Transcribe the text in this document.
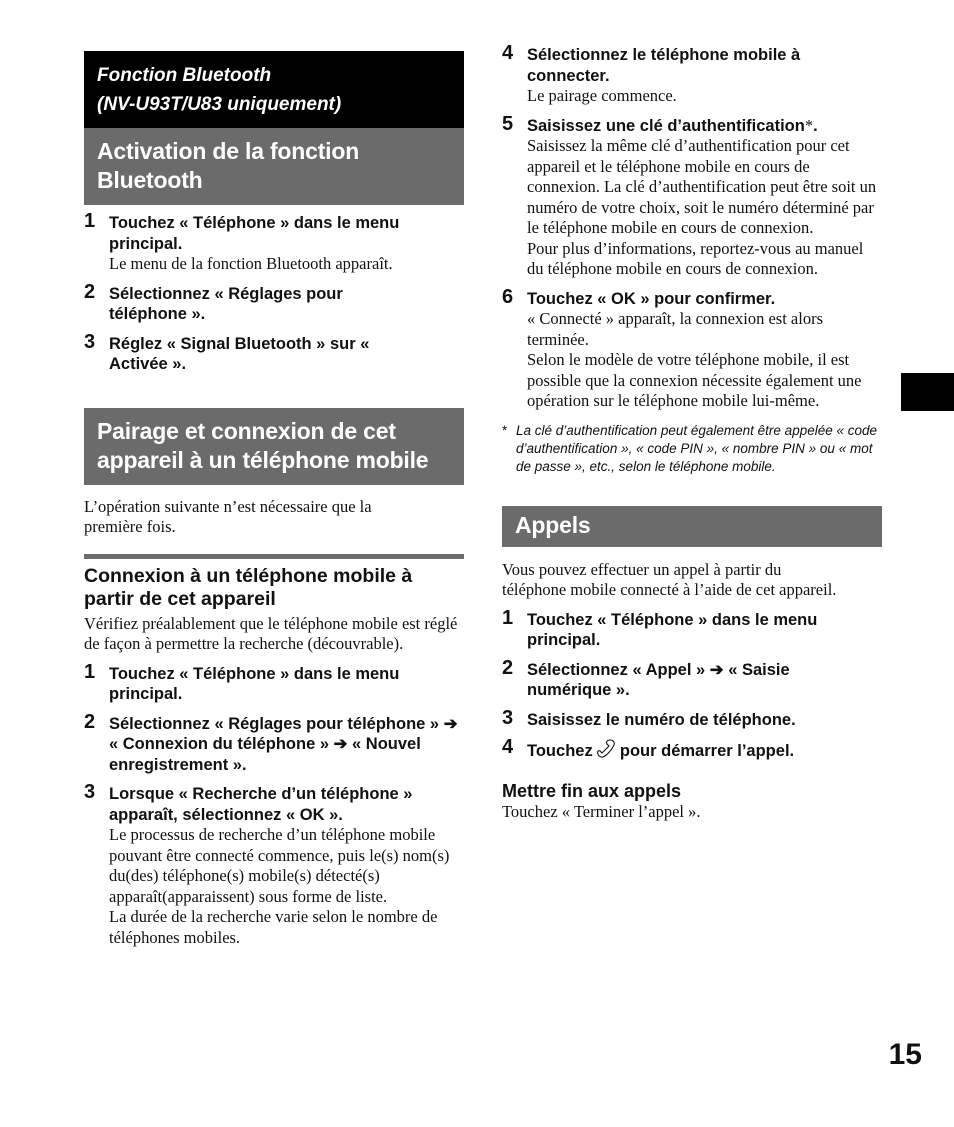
Fonction Bluetooth
(NV-U93T/U83 uniquement)
Activation de la fonction
Bluetooth
1 Touchez « Téléphone » dans le menu principal.
Le menu de la fonction Bluetooth apparaît.
2 Sélectionnez « Réglages pour téléphone ».
3 Réglez « Signal Bluetooth » sur « Activée ».
Pairage et connexion de cet
appareil à un téléphone mobile
L’opération suivante n’est nécessaire que la première fois.
Connexion à un téléphone mobile à partir de cet appareil
Vérifiez préalablement que le téléphone mobile est réglé de façon à permettre la recherche (découvrable).
1 Touchez « Téléphone » dans le menu principal.
2 Sélectionnez « Réglages pour téléphone » ➔ « Connexion du téléphone » ➔ « Nouvel enregistrement ».
3 Lorsque « Recherche d’un téléphone » apparaît, sélectionnez « OK ».
Le processus de recherche d’un téléphone mobile pouvant être connecté commence, puis le(s) nom(s) du(des) téléphone(s) mobile(s) détecté(s) apparaît(apparaissent) sous forme de liste.
La durée de la recherche varie selon le nombre de téléphones mobiles.
4 Sélectionnez le téléphone mobile à connecter.
Le pairage commence.
5 Saisissez une clé d’authentification*.
Saisissez la même clé d’authentification pour cet appareil et le téléphone mobile en cours de connexion. La clé d’authentification peut être soit un numéro de votre choix, soit le numéro déterminé par le téléphone mobile en cours de connexion.
Pour plus d’informations, reportez-vous au manuel du téléphone mobile en cours de connexion.
6 Touchez « OK » pour confirmer.
« Connecté » apparaît, la connexion est alors terminée.
Selon le modèle de votre téléphone mobile, il est possible que la connexion nécessite également une opération sur le téléphone mobile lui-même.
* La clé d’authentification peut également être appelée « code d’authentification », « code PIN », « nombre PIN » ou « mot de passe », etc., selon le téléphone mobile.
Appels
Vous pouvez effectuer un appel à partir du téléphone mobile connecté à l’aide de cet appareil.
1 Touchez « Téléphone » dans le menu principal.
2 Sélectionnez « Appel » ➔ « Saisie numérique ».
3 Saisissez le numéro de téléphone.
4 Touchez pour démarrer l’appel.
Mettre fin aux appels
Touchez « Terminer l’appel ».
15
